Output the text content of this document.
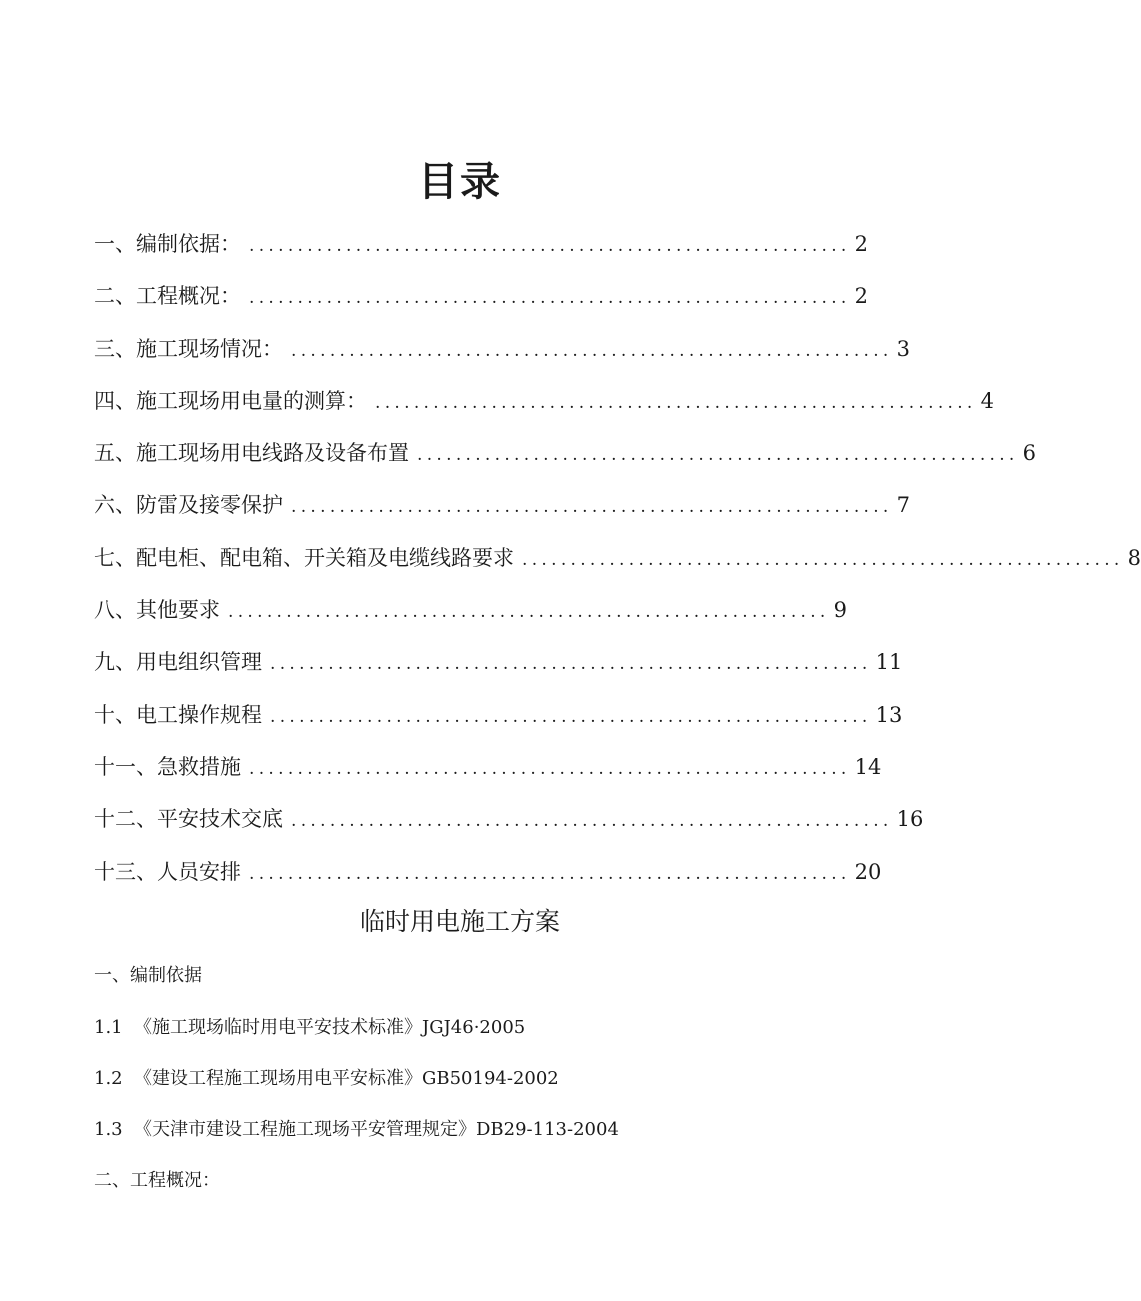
目录
一、编制依据： .............................................................. 2
二、工程概况： .............................................................. 2
三、施工现场情况： .............................................................. 3
四、施工现场用电量的测算： .............................................................. 4
五、施工现场用电线路及设备布置 .............................................................. 6
六、防雷及接零保护 .............................................................. 7
七、配电柜、配电箱、开关箱及电缆线路要求 .............................................................. 8
八、其他要求 .............................................................. 9
九、用电组织管理 .............................................................. 11
十、电工操作规程 .............................................................. 13
十一、急救措施 .............................................................. 14
十二、平安技术交底 .............................................................. 16
十三、人员安排 .............................................................. 20
临时用电施工方案
一、编制依据
1.1 《施工现场临时用电平安技术标准》JGJ46·2005
1.2 《建设工程施工现场用电平安标准》GB50194-2002
1.3 《天津市建设工程施工现场平安管理规定》DB29-113-2004
二、工程概况：
